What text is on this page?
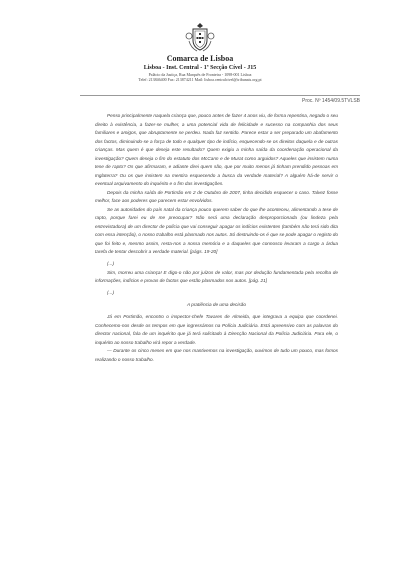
Comarca de Lisboa
Lisboa - Inst. Central - 1ª Secção Cível - J15
Palácio da Justiça, Rua Marquês de Fronteira - 1098-001 Lisboa
Telef: 213846400 Fax: 213874211 Mail: lisboa.centralcivel@tribunais.org.pt
Proc. Nº 1454/09.5TVLSB

Penso principalmente naquela criança que, pouco antes de fazer 4 anos viu, de forma repentina, negado o seu direito à existência, a fazer-se mulher, a uma potencial vida de felicidade e sucesso na companhia dos seus familiares e amigos, que abruptamente se perdeu. Nada faz sentido. Parece estar a ser preparado um abafamento dos factos, diminuindo-se a força de todo e qualquer tipo de indício, esquecendo-se os direitos daquela e de outras crianças. Mas quem é que deseja este resultado? Quem exigiu a minha saída da coordenação operacional da investigação? Quem deseja o fim do estatuto dos McCann e de Murat como arguidos? Aqueles que insistem numa tese de rapto? Os que afirmaram, e adiante direi quem são, que por muito menos já tinham prendido pessoas em Inglaterra? Ou os que insistem na mentira esquecendo a busca da verdade material? A alguém há-de servir o eventual arquivamento do inquérito e o fim das investigações.

Depois da minha saída de Portimão em 2 de Outubro de 2007, tinha decidido esquecer o caso. Talvez fosse melhor, face aos poderes que parecem estar envolvidos.

Se as autoridades do país natal da criança pouco querem saber do que lhe aconteceu, alimentando a tese de rapto, porque farei eu de me preocupar? Não será uma declaração desproporcionada (ou lindeza pela entrevistadora) de um director de polícia que vai conseguir apagar os indícios existentes (também não terá sido dita com essa intenção), o nosso trabalho está plasmado nos autos. Só destruindo-os é que se pode apagar o registo do que foi feito e, mesmo assim, resta-nos a nossa memória e a daqueles que connosco levaram a cargo a árdua tarefa de tentar descobrir a verdade material. [págs. 19-20]

(...)

Sim, morreu uma criança! E digo-o não por juízos de valor, mas por dedução fundamentada pela recolha de informações, indícios e provas de factos que estão plasmados nos autos. [pág. 21]

(...)

A pratiência de uma decisão

Já em Portimão, encontro o inspector-chefe Tavares de Almeida, que integrava a equipa que coordenei. Conhecemo-nos desde os tempos em que ingressámos na Polícia Judiciária. Está apreensivo com as palavras do director nacional, fala de um inquérito que já terá solicitado à Direcção Nacional da Polícia Judiciária. Para ele, o inquérito ao nosso trabalho virá repor a verdade.

— Durante os cinco meses em que nos mantivemos na investigação, ouvimos de tudo um pouco, mas fomos realizando o nosso trabalho.
